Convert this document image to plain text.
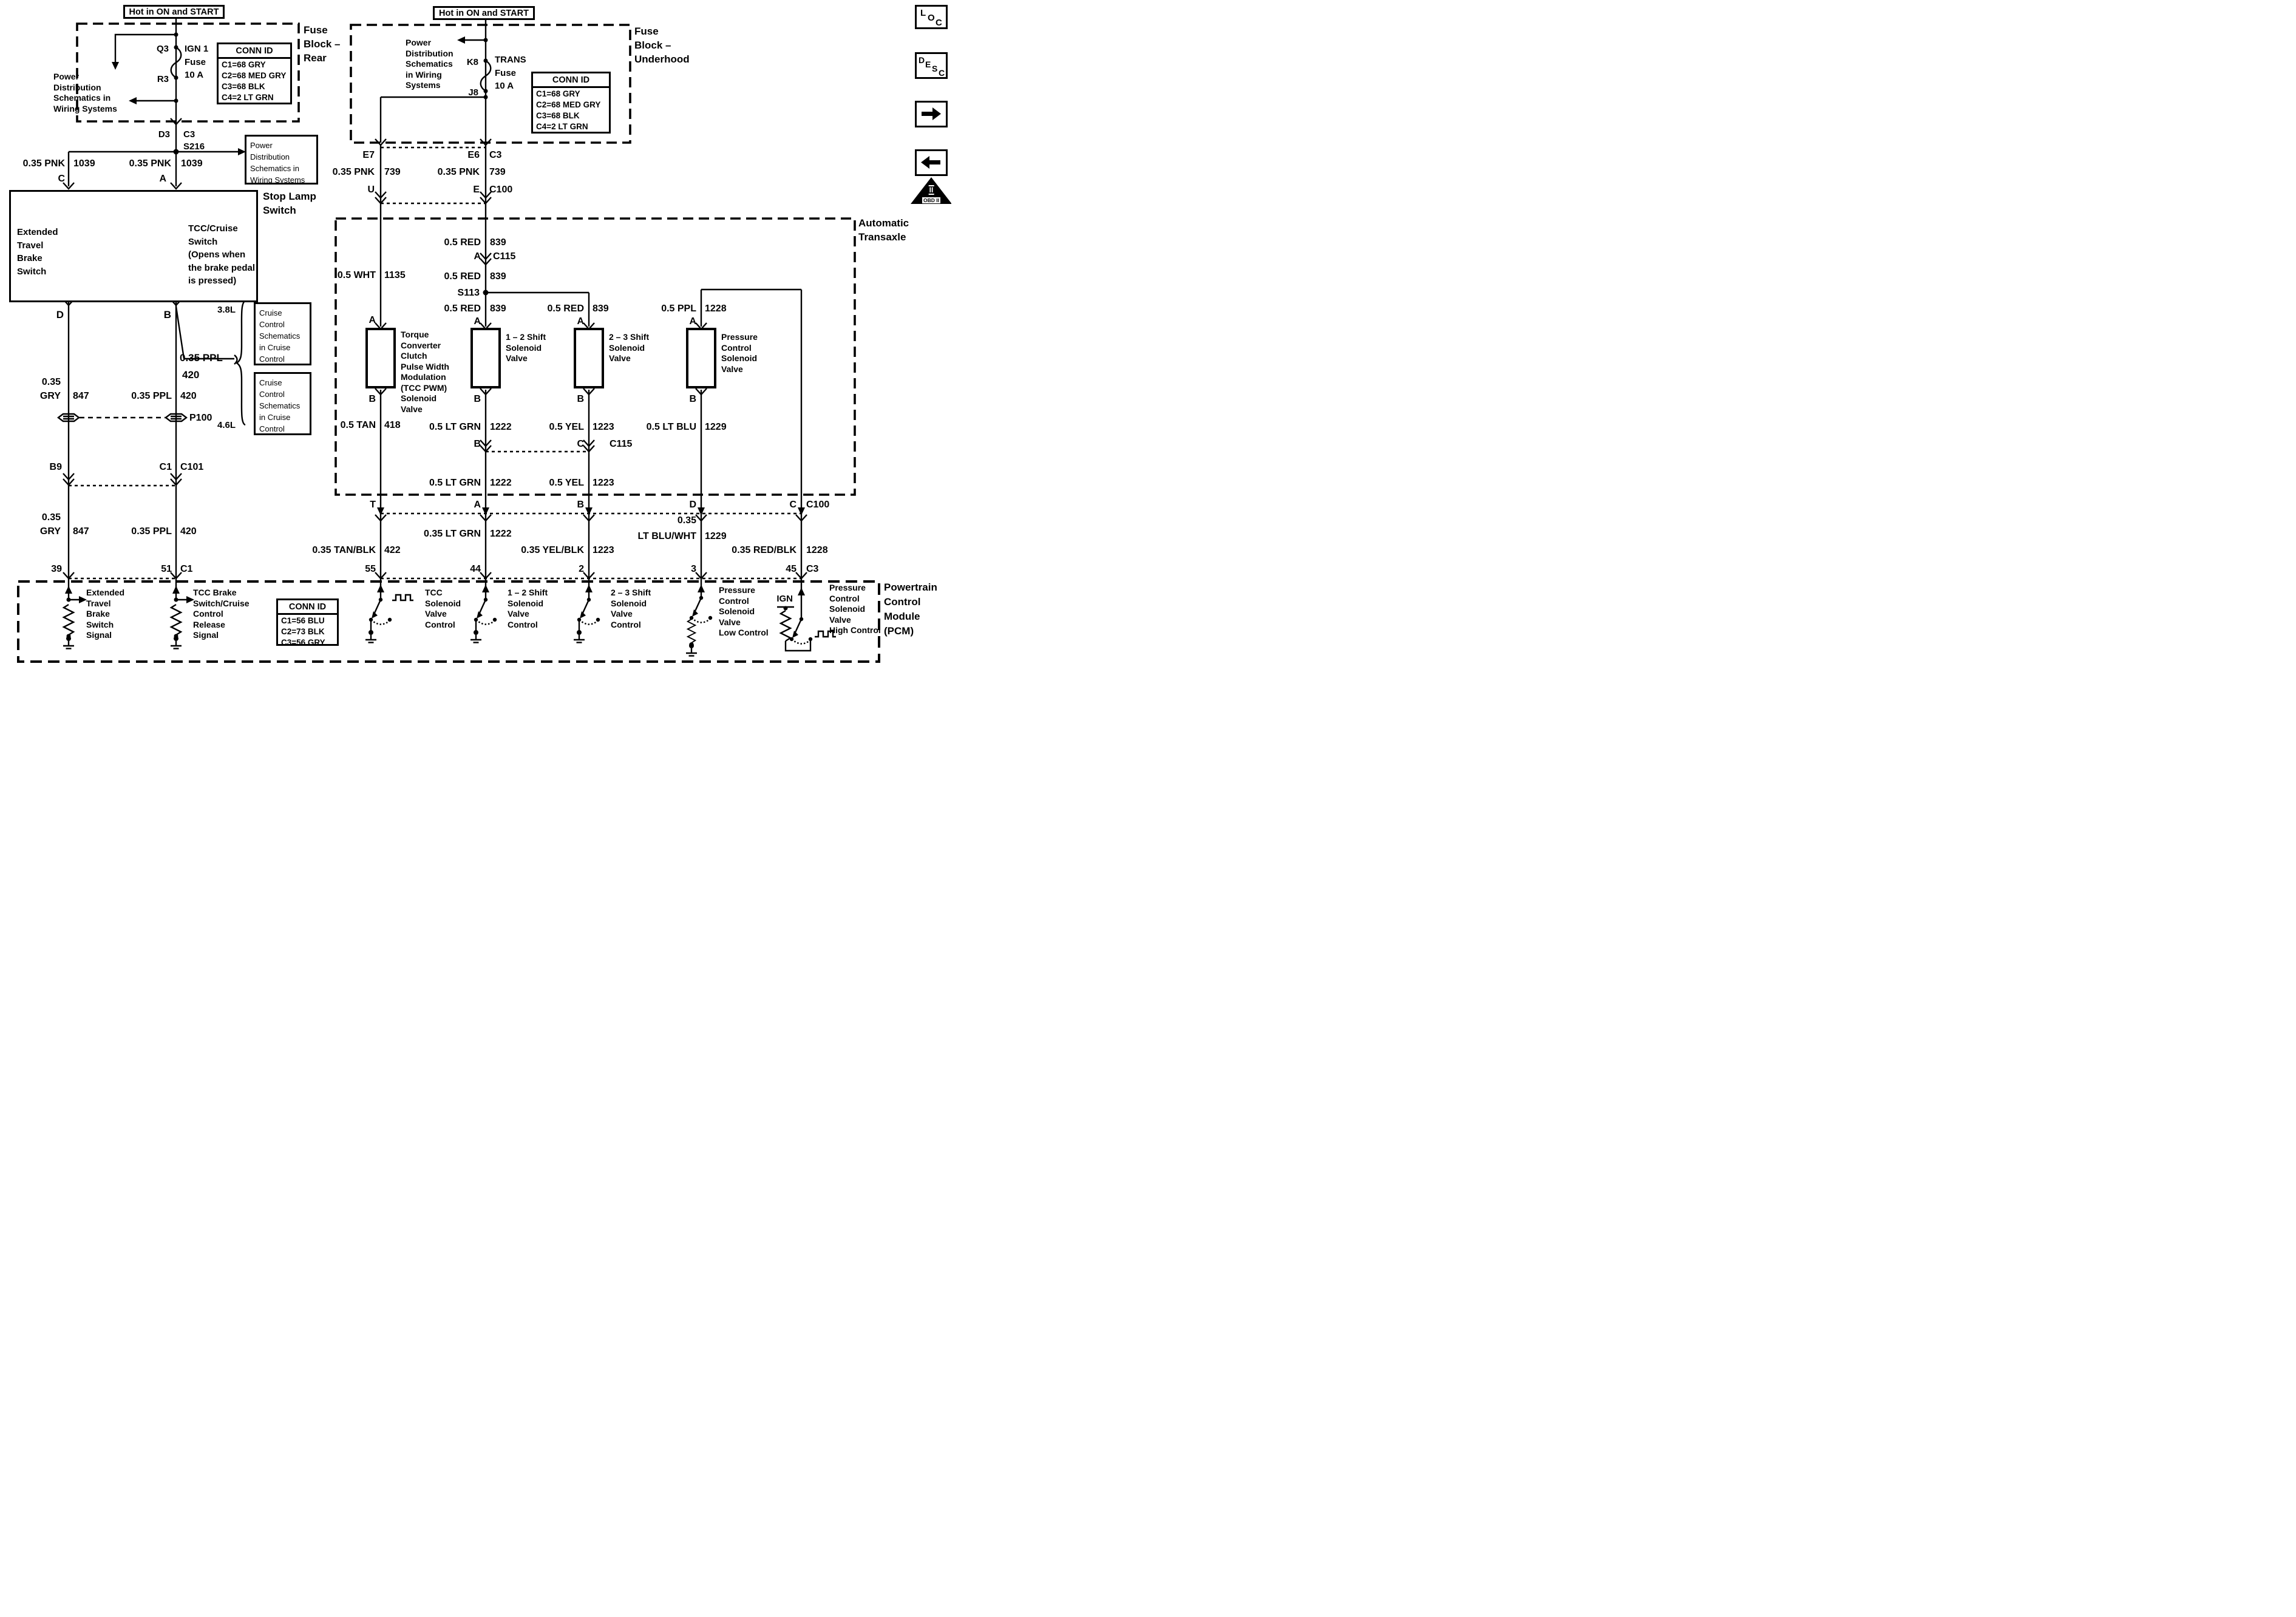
Hot in ON and START	Hot in ON and START
CONN ID
C1=68 GRY
C2=68 MED GRY
C3=68 BLK
C4=2 LT GRN
CONN ID
C1=68 GRY
C2=68 MED GRY
C3=68 BLK
C4=2 LT GRN
Power
Distribution
Schematics in
Wiring Systems
Cruise
Control
Schematics
in Cruise
Control
Cruise
Control
Schematics
in Cruise
Control
CONN ID
C1=56 BLU
C2=73 BLK
C3=56 GRY
Fuse
Block –
Rear
Power
Distribution
Schematics in
Wiring Systems
Q3
R3
IGN 1
Fuse
10 A
D3 C3
S216
0.35 PNK 1039
C
0.35 PNK 1039
A
Stop Lamp
Switch
Extended
Travel
Brake
Switch
TCC/Cruise
Switch
(Opens when
the brake pedal
is pressed)
D	B	3.8L
4.6L
0.35 PPL
420
0.35
GRY 847	0.35 PPL 420
P100
B9	C1 C101
0.35
GRY 847	0.35 PPL 420
39	51 C1
Fuse
Block –
Underhood
Power
Distribution
Schematics
in Wiring
Systems
K8
J8
TRANS
Fuse
10 A
E7	E6 C3
0.35 PNK 739	0.35 PNK 739
U	E C100
Automatic
Transaxle
0.5 WHT 1135
A
0.5 RED 839
A C115
0.5 RED 839
S113
0.5 RED 839
A
0.5 RED 839
A
0.5 PPL 1228
A
Torque
Converter
Clutch
Pulse Width
Modulation
(TCC PWM)
Solenoid
Valve
1 – 2 Shift
Solenoid
Valve
2 – 3 Shift
Solenoid
Valve
Pressure
Control
Solenoid
Valve
B	B	B	B
0.5 TAN 418	0.5 LT GRN 1222	0.5 YEL 1223	0.5 LT BLU 1229
B	C	C115
0.5 LT GRN 1222	0.5 YEL 1223
T	A	B	D	C C100
0.35 TAN/BLK 422
0.35 LT GRN 1222
0.35 YEL/BLK 1223
0.35
LT BLU/WHT 1229
0.35 RED/BLK 1228
55	44	2	3	45 C3
Powertrain
Control
Module
(PCM)
Extended
Travel
Brake
Switch
Signal
TCC Brake
Switch/Cruise
Control
Release
Signal
TCC
Solenoid
Valve
Control
1 – 2 Shift
Solenoid
Valve
Control
2 – 3 Shift
Solenoid
Valve
Control
Pressure
Control
Solenoid
Valve
Low Control
IGN
Pressure
Control
Solenoid
Valve
High Control
L O C
D E S C
II
OBD II
